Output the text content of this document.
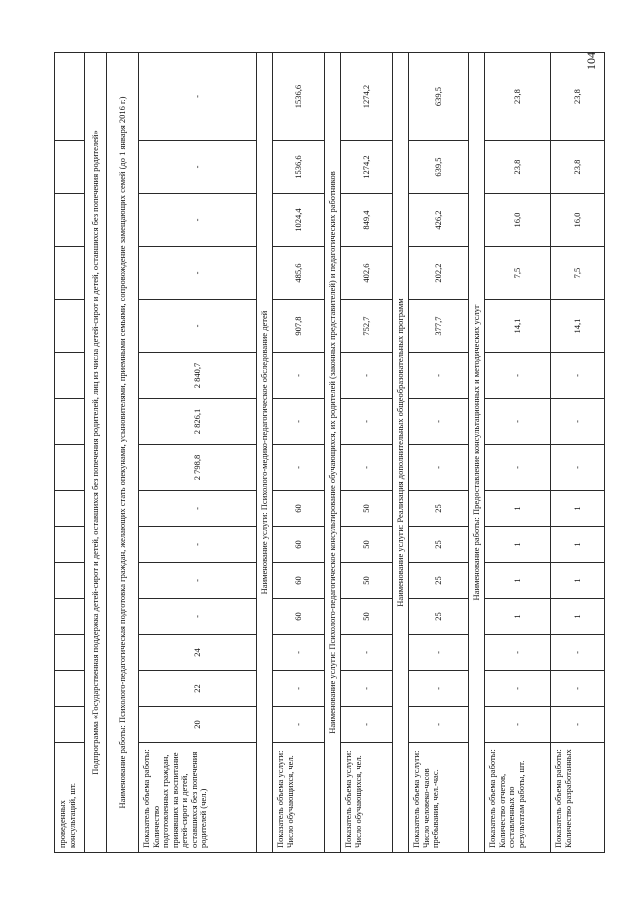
проведенных консультаций, шт.															
Подпрограмма «Государственная поддержка детей-сирот и детей, оставшихся без попечения родителей, лиц из числа детей-сирот и детей, оставшихся без попечения родителей»															
Наименование работы: Психолого-педагогическая подготовка граждан, желающих стать опекунами, усыновителями, приемными семьями, сопровождение замещающих семей (до 1 января 2016 г.)															
Показатель объема работы: Количество подготовленных граждан, принявших на воспитание детей-сирот и детей, оставшихся без попечения родителей (чел.)	20	22	24	-	-	-	-	2 798,8	2 826,1	2 840,7	-	-	-	-	-
Наименование услуги: Психолого-медико-педагогическое обследование детей															
Показатель объема услуги: Число обучающихся, чел.	-	-	-	60	60	60	60	-	-	-	907,8	485,6	1024,4	1536,6	1536,6
Наименование услуги: Психолого-педагогическое консультирование обучающихся, их родителей (законных представителей) и педагогических работников															
Показатель объема услуги: Число обучающихся, чел.	-	-	-	50	50	50	50	-	-	-	752,7	402,6	849,4	1274,2	1274,2
Наименование услуги: Реализация дополнительных общеобразовательных программ															
Показатель объема услуги: Число человеко-часов пребывания, чел.-час.	-	-	-	25	25	25	25	-	-	-	377,7	202,2	426,2	639,5	639,5
Наименование работы: Предоставление консультационных и методических услуг															
Показатель объема работы: Количество отчетов, составленных по результатам работы, шт.	-	-	-	1	1	1	1	-	-	-	14,1	7,5	16,0	23,8	23,8
Показатель объема работы: Количество разработанных	-	-	-	1	1	1	1	-	-	-	14,1	7,5	16,0	23,8	23,8
104
